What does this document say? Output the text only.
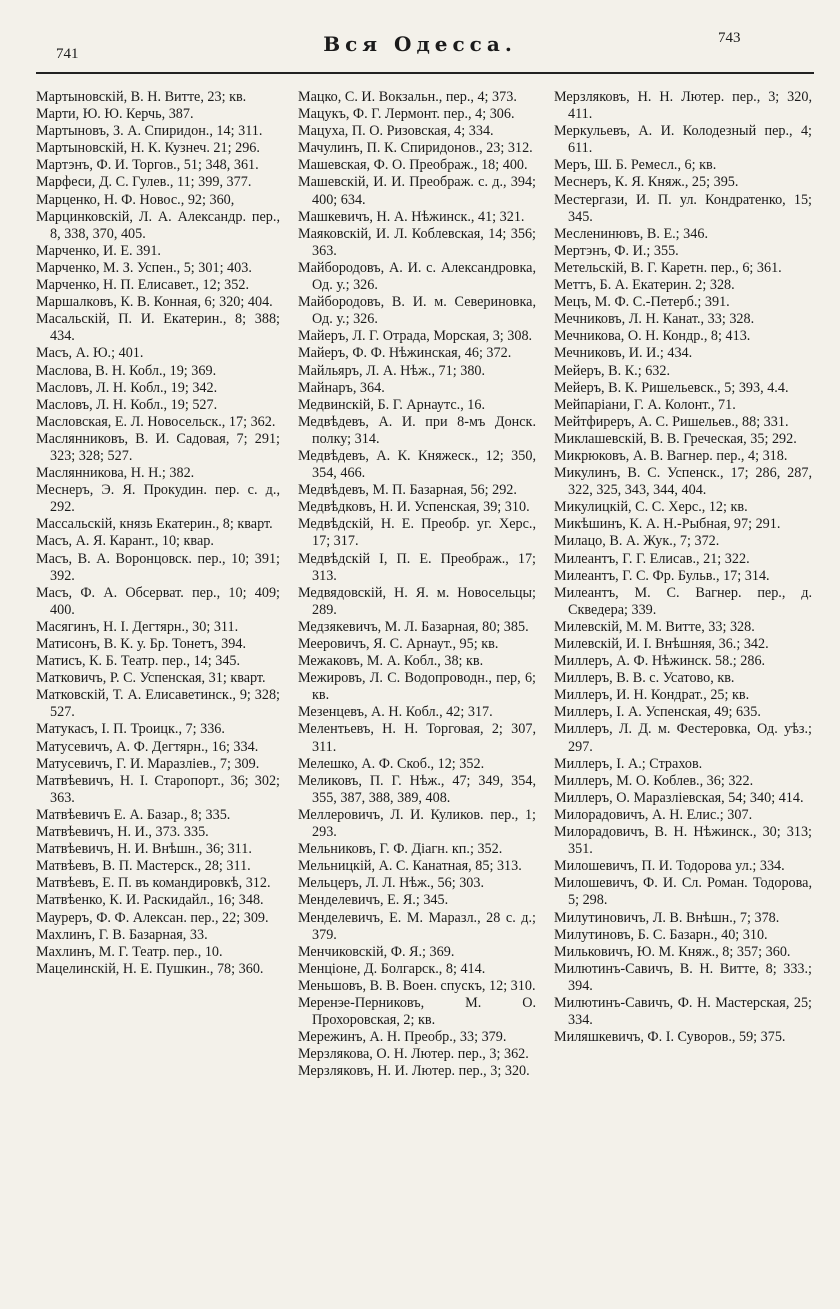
741	Вся Одесса.	743
Мартыновскій, В. Н. Витте, 23; кв.
Марти, Ю. Ю. Керчь, 387.
Мартыновъ, З. А. Спиридон., 14; 311.
Мартыновскій, Н. К. Кузнеч. 21; 296.
Мартэнъ, Ф. И. Торгов., 51; 348, 361.
Марфеси, Д. С. Гулев., 11; 399, 377.
Марценко, Н. Ф. Новос., 92; 360,
Марцинковскій, Л. А. Александр. пер., 8, 338, 370, 405.
Марченко, И. Е. 391.
Марченко, М. З. Успен., 5; 301; 403.
Марченко, Н. П. Елисавет., 12; 352.
Маршалковъ, К. В. Конная, 6; 320; 404.
Масальскій, П. И. Екатерин., 8; 388; 434.
Масъ, А. Ю.; 401.
Маслова, В. Н. Кобл., 19; 369.
Масловъ, Л. Н. Кобл., 19; 342.
Масловъ, Л. Н. Кобл., 19; 527.
Масловская, Е. Л. Новосельск., 17; 362.
Маслянниковъ, В. И. Садовая, 7; 291; 323; 328; 527.
Маслянникова, Н. Н.; 382.
Меснеръ, Э. Я. Прокудин. пер. с. д., 292.
Массальскій, князь Екатерин., 8; кварт.
Масъ, А. Я. Карант., 10; квар.
Масъ, В. А. Воронцовск. пер., 10; 391; 392.
Масъ, Ф. А. Обсерват. пер., 10; 409; 400.
Масягинъ, Н. І. Дегтярн., 30; 311.
Матисонъ, В. К. у. Бр. Тонетъ, 394.
Матисъ, К. Б. Театр. пер., 14; 345.
Матковичъ, Р. С. Успенская, 31; кварт.
Матковскій, Т. А. Елисаветинск., 9; 328; 527.
Матукасъ, І. П. Троицк., 7; 336.
Матусевичъ, А. Ф. Дегтярн., 16; 334.
Матусевичъ, Г. И. Маразліев., 7; 309.
Матвѣевичъ, Н. І. Старопорт., 36; 302; 363.
Матвѣевичъ Е. А. Базар., 8; 335.
Матвѣевичъ, Н. И., 373. 335.
Матвѣевичъ, Н. И. Внѣшн., 36; 311.
Матвѣевъ, В. П. Мастерск., 28; 311.
Матвѣевъ, Е. П. въ командировкѣ, 312.
Матвѣенко, К. И. Раскидайл., 16; 348.
Мауреръ, Ф. Ф. Алексан. пер., 22; 309.
Махлинъ, Г. В. Базарная, 33.
Махлинъ, М. Г. Театр. пер., 10.
Мацелинскій, Н. Е. Пушкин., 78; 360.
Мацко, С. И. Вокзальн., пер., 4; 373.
Мацукъ, Ф. Г. Лермонт. пер., 4; 306.
Мацуха, П. О. Ризовская, 4; 334.
Мачулинъ, П. К. Спиридонов., 23; 312.
Машевская, Ф. О. Преображ., 18; 400.
Машевскій, И. И. Преображ. с. д., 394; 400; 634.
Машкевичъ, Н. А. Нѣжинск., 41; 321.
Маяковскій, И. Л. Коблевская, 14; 356; 363.
Майбородовъ, А. И. с. Александровка, Од. у.; 326.
Майбородовъ, В. И. м. Севериновка, Од. у.; 326.
Майеръ, Л. Г. Отрада, Морская, 3; 308.
Майеръ, Ф. Ф. Нѣжинская, 46; 372.
Майльяръ, Л. А. Нѣж., 71; 380.
Майнаръ, 364.
Медвинскій, Б. Г. Арнаутс., 16.
Медвѣдевъ, А. И. при 8-мъ Донск. полку; 314.
Медвѣдевъ, А. К. Княжеск., 12; 350, 354, 466.
Медвѣдевъ, М. П. Базарная, 56; 292.
Медвѣдковъ, Н. И. Успенская, 39; 310.
Медвѣдскій, Н. Е. Преобр. уг. Херс., 17; 317.
Медвѣдскій І, П. Е. Преображ., 17; 313.
Медвядовскій, Н. Я. м. Новосельцы; 289.
Медзякевичъ, М. Л. Базарная, 80; 385.
Мееровичъ, Я. С. Арнаут., 95; кв.
Межаковъ, М. А. Кобл., 38; кв.
Межировъ, Л. С. Водопроводн., пер, 6; кв.
Мезенцевъ, А. Н. Кобл., 42; 317.
Мелентьевъ, Н. Н. Торговая, 2; 307, 311.
Мелешко, А. Ф. Скоб., 12; 352.
Меликовъ, П. Г. Нѣж., 47; 349, 354, 355, 387, 388, 389, 408.
Меллеровичъ, Л. И. Куликов. пер., 1; 293.
Мельниковъ, Г. Ф. Діагн. кп.; 352.
Мельницкій, А. С. Канатная, 85; 313.
Мельцеръ, Л. Л. Нѣж., 56; 303.
Менделевичъ, Е. Я.; 345.
Менделевичъ, Е. М. Маразл., 28 с. д.; 379.
Менчиковскій, Ф. Я.; 369.
Менціоне, Д. Болгарск., 8; 414.
Меньшовъ, В. В. Воен. спускъ, 12; 310.
Меренэе-Перниковъ, М. О. Прохоровская, 2; кв.
Мережинъ, А. Н. Преобр., 33; 379.
Мерзлякова, О. Н. Лютер. пер., 3; 362.
Мерзляковъ, Н. И. Лютер. пер., 3; 320.
Мерзляковъ, Н. Н. Лютер. пер., 3; 320, 411.
Меркульевъ, А. И. Колодезный пер., 4; 611.
Меръ, Ш. Б. Ремесл., 6; кв.
Меснеръ, К. Я. Княж., 25; 395.
Местергази, И. П. ул. Кондратенко, 15; 345.
Месленинювъ, В. Е.; 346.
Мертэнъ, Ф. И.; 355.
Метельскій, В. Г. Каретн. пер., 6; 361.
Меттъ, Б. А. Екатерин. 2; 328.
Мецъ, М. Ф. С.-Петерб.; 391.
Мечниковъ, Л. Н. Канат., 33; 328.
Мечникова, О. Н. Кондр., 8; 413.
Мечниковъ, И. И.; 434.
Мейеръ, В. К.; 632.
Мейеръ, В. К. Ришельевск., 5; 393, 4.4.
Мейпаріани, Г. А. Колонт., 71.
Мейтфиреръ, А. С. Ришельев., 88; 331.
Миклашевскій, В. В. Греческая, 35; 292.
Микрюковъ, А. В. Вагнер. пер., 4; 318.
Микулинъ, В. С. Успенск., 17; 286, 287, 322, 325, 343, 344, 404.
Микулицкій, С. С. Херс., 12; кв.
Микѣшинъ, К. А. Н.-Рыбная, 97; 291.
Милацо, В. А. Жук., 7; 372.
Милеантъ, Г. Г. Елисав., 21; 322.
Милеантъ, Г. С. Фр. Бульв., 17; 314.
Милеантъ, М. С. Вагнер. пер., д. Скведера; 339.
Милевскій, М. М. Витте, 33; 328.
Милевскій, И. І. Внѣшняя, 36.; 342.
Миллеръ, А. Ф. Нѣжинск. 58.; 286.
Миллеръ, В. В. с. Усатово, кв.
Миллеръ, И. Н. Кондрат., 25; кв.
Миллеръ, І. А. Успенская, 49; 635.
Миллеръ, Л. Д. м. Фестеровка, Од. уѣз.; 297.
Миллеръ, І. А.; Страхов.
Миллеръ, М. О. Коблев., 36; 322.
Миллеръ, О. Маразліевская, 54; 340; 414.
Милорадовичъ, А. Н. Елис.; 307.
Милорадовичъ, В. Н. Нѣжинск., 30; 313; 351.
Милошевичъ, П. И. Тодорова ул.; 334.
Милошевичъ, Ф. И. Сл. Роман. Тодорова, 5; 298.
Милутиновичъ, Л. В. Внѣшн., 7; 378.
Милутиновъ, Б. С. Базарн., 40; 310.
Мильковичъ, Ю. М. Княж., 8; 357; 360.
Милютинъ-Савичъ, В. Н. Витте, 8; 333.; 394.
Милютинъ-Савичъ, Ф. Н. Мастерская, 25; 334.
Миляшкевичъ, Ф. І. Суворов., 59; 375.
